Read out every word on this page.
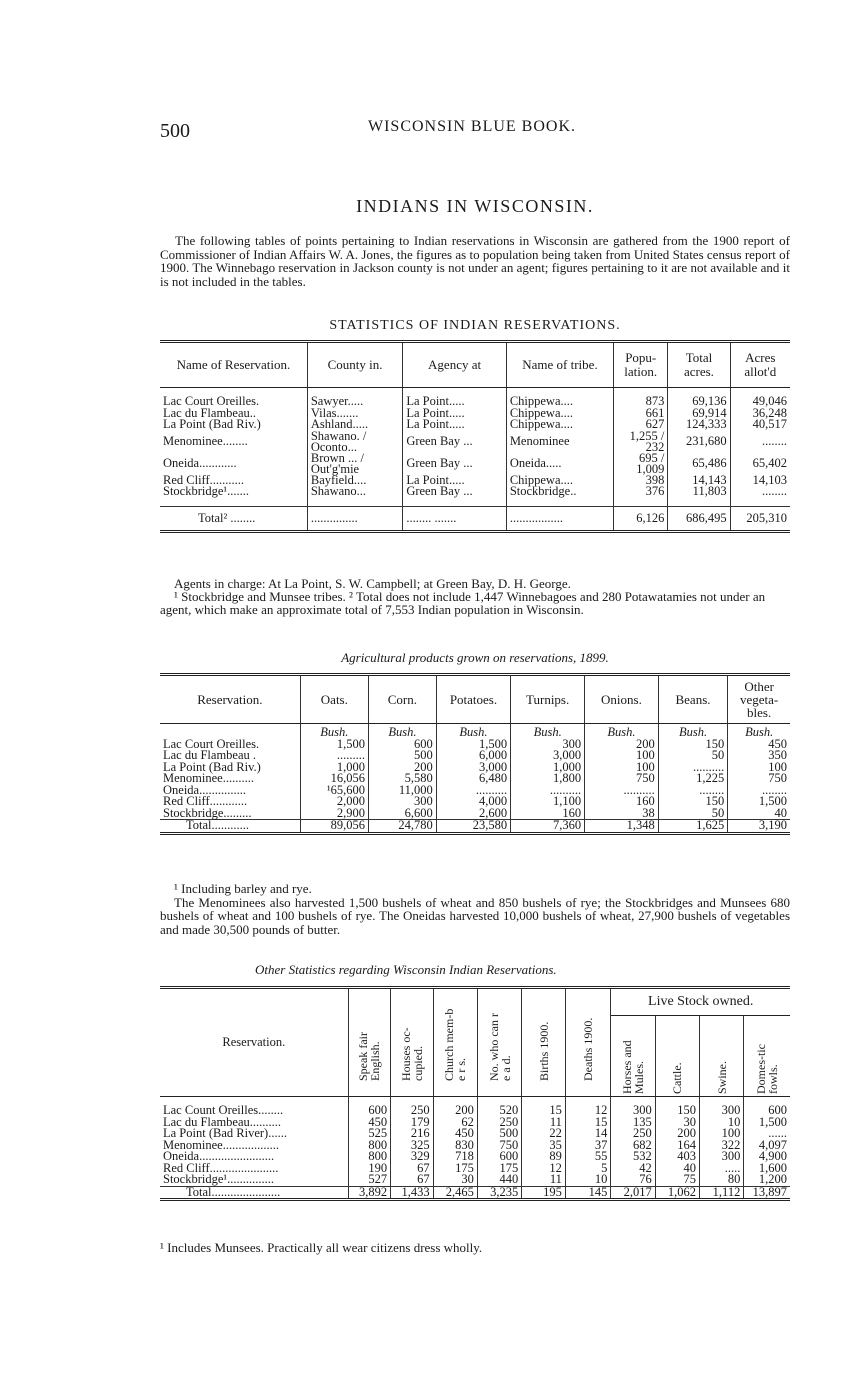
500	WISCONSIN BLUE BOOK.
INDIANS IN WISCONSIN.

The following tables of points pertaining to Indian reservations in Wisconsin are gathered from the 1900 report of Commissioner of Indian Affairs W. A. Jones, the figures as to population being taken from United States census report of 1900. The Winnebago reservation in Jackson county is not under an agent; figures pertaining to it are not available and it is not included in the tables.

STATISTICS OF INDIAN RESERVATIONS.
Name of Reservation.	County in.	Agency at	Name of tribe.	Popu-lation.	Total acres.	Acres allot'd

Lac Court Oreilles.	Sawyer.....	La Point.....	Chippewa....	873	69,136	49,046
Lac du Flambeau..	Vilas.......	La Point.....	Chippewa....	661	69,914	36,248
La Point (Bad Riv.)	Ashland.....	La Point.....	Chippewa....	627	124,333	40,517
Menominee........	Shawano. / Oconto...	Green Bay ...	Menominee	1,255 / 232	231,680	........
Oneida............	Brown ... / Out'g'mie	Green Bay ...	Oneida.....	695 / 1,009	65,486	65,402
Red Cliff...........	Bayfield....	La Point.....	Chippewa....	398	14,143	14,103
Stockbridge¹.......	Shawano...	Green Bay ...	Stockbridge..	376	11,803	........

Total² ........	...............	........ .......	.................	6,126	686,495	205,310

Agents in charge: At La Point, S. W. Campbell; at Green Bay, D. H. George.

¹ Stockbridge and Munsee tribes. ² Total does not include 1,447 Winnebagoes and 280 Potawatamies not under an agent, which make an approximate total of 7,553 Indian population in Wisconsin.

Agricultural products grown on reservations, 1899.
Reservation.	Oats.	Corn.	Potatoes.	Turnips.	Onions.	Beans.	Other vegeta-bles.
	Bush.	Bush.	Bush.	Bush.	Bush.	Bush.	Bush.
Lac Court Oreilles.	1,500	600	1,500	300	200	150	450
Lac du Flambeau .	.........	500	6,000	3,000	100	50	350
La Point (Bad Riv.)	1,000	200	3,000	1,000	100	..........	100
Menominee..........	16,056	5,580	6,480	1,800	750	1,225	750
Oneida...............	¹65,600	11,000	..........	..........	..........	........	........
Red Cliff............	2,000	300	4,000	1,100	160	150	1,500
Stockbridge.........	2,900	6,600	2,600	160	38	50	40
Total............	89,056	24,780	23,580	7,360	1,348	1,625	3,190

¹ Including barley and rye.

The Menominees also harvested 1,500 bushels of wheat and 850 bushels of rye; the Stockbridges and Munsees 680 bushels of wheat and 100 bushels of rye. The Oneidas harvested 10,000 bushels of wheat, 27,900 bushels of vegetables and made 30,500 pounds of butter.

Other Statistics regarding Wisconsin Indian Reservations.
Reservation.	Speak fair English.	Houses oc-cupied.	Church mem-b e r s.	No. who can r e a d.	Births 1900.	Deaths 1900.	Live Stock owned.			

							Horses and Mules.	Cattle.	Swine.	Domes-tic fowls.

Lac Count Oreilles........	600	250	200	520	15	12	300	150	300	600
Lac du Flambeau..........	450	179	62	250	11	15	135	30	10	1,500
La Point (Bad River)......	525	216	450	500	22	14	250	200	100	......
Menominee..................	800	325	830	750	35	37	682	164	322	4,097
Oneida........................	800	329	718	600	89	55	532	403	300	4,900
Red Cliff......................	190	67	175	175	12	5	42	40	.....	1,600
Stockbridge¹...............	527	67	30	440	11	10	76	75	80	1,200
Total......................	3,892	1,433	2,465	3,235	195	145	2,017	1,062	1,112	13,897
¹ Includes Munsees. Practically all wear citizens dress wholly.
